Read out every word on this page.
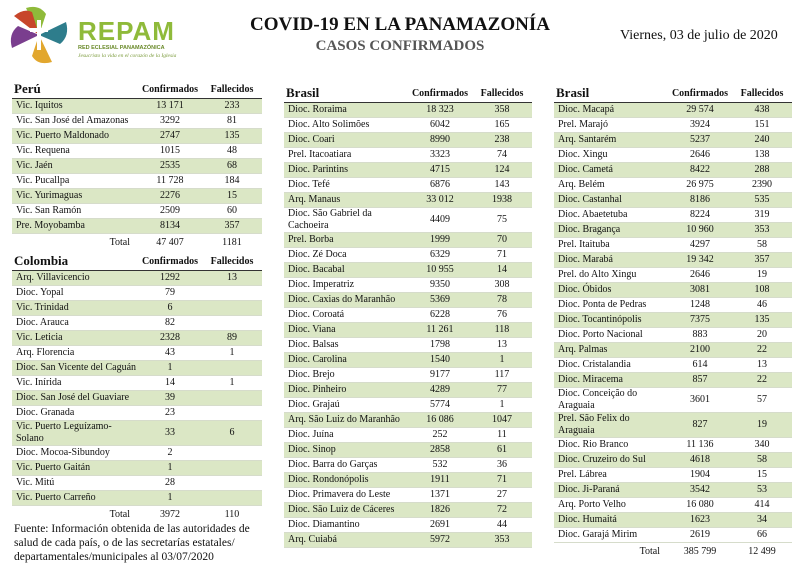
REPAM
RED ECLESIAL PANAMAZÓNICA
Jesucristo la vida en el corazón de la Iglesia
COVID-19 EN LA PANAMAZONÍA
CASOS CONFIRMADOS
Viernes, 03 de julio de 2020
Perú	Confirmados	Fallecidos
Vic. Iquitos	13 171	233
Vic. San José del Amazonas	3292	81
Vic. Puerto Maldonado	2747	135
Vic. Requena	1015	48
Vic. Jaén	2535	68
Vic. Pucallpa	11 728	184
Vic. Yurimaguas	2276	15
Vic. San Ramón	2509	60
Pre. Moyobamba	8134	357
Total	47 407	1181
Colombia	Confirmados	Fallecidos
Arq. Villavicencio	1292	13
Dioc. Yopal	79	
Vic. Trinidad	6	
Dioc. Arauca	82	
Vic. Leticia	2328	89
Arq. Florencia	43	1
Dioc. San Vicente del Caguán	1	
Vic. Inírida	14	1
Dioc. San José del Guaviare	39	
Dioc. Granada	23	
Vic. Puerto Leguízamo-Solano	33	6
Dioc. Mocoa-Sibundoy	2	
Vic. Puerto Gaitán	1	
Vic. Mitú	28	
Vic. Puerto Carreño	1	
Total	3972	110
Brasil	Confirmados	Fallecidos
Dioc. Roraima	18 323	358
Dioc. Alto Solimões	6042	165
Dioc. Coari	8990	238
Prel. Itacoatiara	3323	74
Dioc. Parintins	4715	124
Dioc. Tefé	6876	143
Arq. Manaus	33 012	1938
Dioc. São Gabriel da Cachoeira	4409	75
Prel. Borba	1999	70
Dioc. Zé Doca	6329	71
Dioc. Bacabal	10 955	14
Dioc. Imperatriz	9350	308
Dioc. Caxias do Maranhão	5369	78
Dioc. Coroatá	6228	76
Dioc. Viana	11 261	118
Dioc. Balsas	1798	13
Dioc. Carolina	1540	1
Dioc. Brejo	9177	117
Dioc. Pinheiro	4289	77
Dioc. Grajaú	5774	1
Arq. São Luiz do Maranhão	16 086	1047
Dioc. Juína	252	11
Dioc. Sinop	2858	61
Dioc. Barra do Garças	532	36
Dioc. Rondonópolis	1911	71
Dioc. Primavera do Leste	1371	27
Dioc. São Luiz de Cáceres	1826	72
Dioc. Diamantino	2691	44
Arq. Cuiabá	5972	353
Brasil	Confirmados	Fallecidos
Dioc. Macapá	29 574	438
Prel. Marajó	3924	151
Arq. Santarém	5237	240
Dioc. Xingu	2646	138
Dioc. Cametá	8422	288
Arq. Belém	26 975	2390
Dioc. Castanhal	8186	535
Dioc. Abaetetuba	8224	319
Dioc. Bragança	10 960	353
Prel. Itaituba	4297	58
Dioc. Marabá	19 342	357
Prel. do Alto Xingu	2646	19
Dioc. Óbidos	3081	108
Dioc. Ponta de Pedras	1248	46
Dioc. Tocantinópolis	7375	135
Dioc. Porto Nacional	883	20
Arq. Palmas	2100	22
Dioc. Cristalandia	614	13
Dioc. Miracema	857	22
Dioc. Conceição do Araguaia	3601	57
Prel. São Felix do Araguaia	827	19
Dioc. Rio Branco	11 136	340
Dioc. Cruzeiro do Sul	4618	58
Prel. Lábrea	1904	15
Dioc. Ji-Paraná	3542	53
Arq. Porto Velho	16 080	414
Dioc. Humaitá	1623	34
Dioc. Garajá Mirim	2619	66
Total	385 799	12 499
Fuente: Información obtenida de las autoridades de salud de cada país, o de las secretarías estatales/ departamentales/municipales al 03/07/2020
